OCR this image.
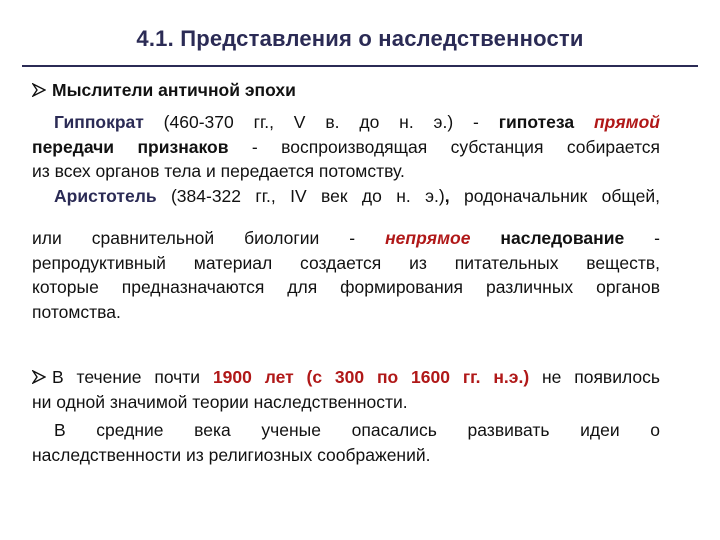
4.1. Представления о наследственности
Мыслители античной эпохи
Гиппократ (460-370 гг., V в. до н. э.) - гипотеза прямой
передачи признаков - воспроизводящая субстанция собирается
из всех органов тела и передается потомству.
Аристотель (384-322 гг., IV век до н. э.), родоначальник общей,
или сравнительной биологии - непрямое наследование -
репродуктивный материал создается из питательных веществ,
которые предназначаются для формирования различных органов
потомства.
В течение почти 1900 лет (с 300 по 1600 гг. н.э.) не появилось
ни одной значимой теории наследственности.
В средние века ученые опасались развивать идеи о
наследственности из религиозных соображений.
